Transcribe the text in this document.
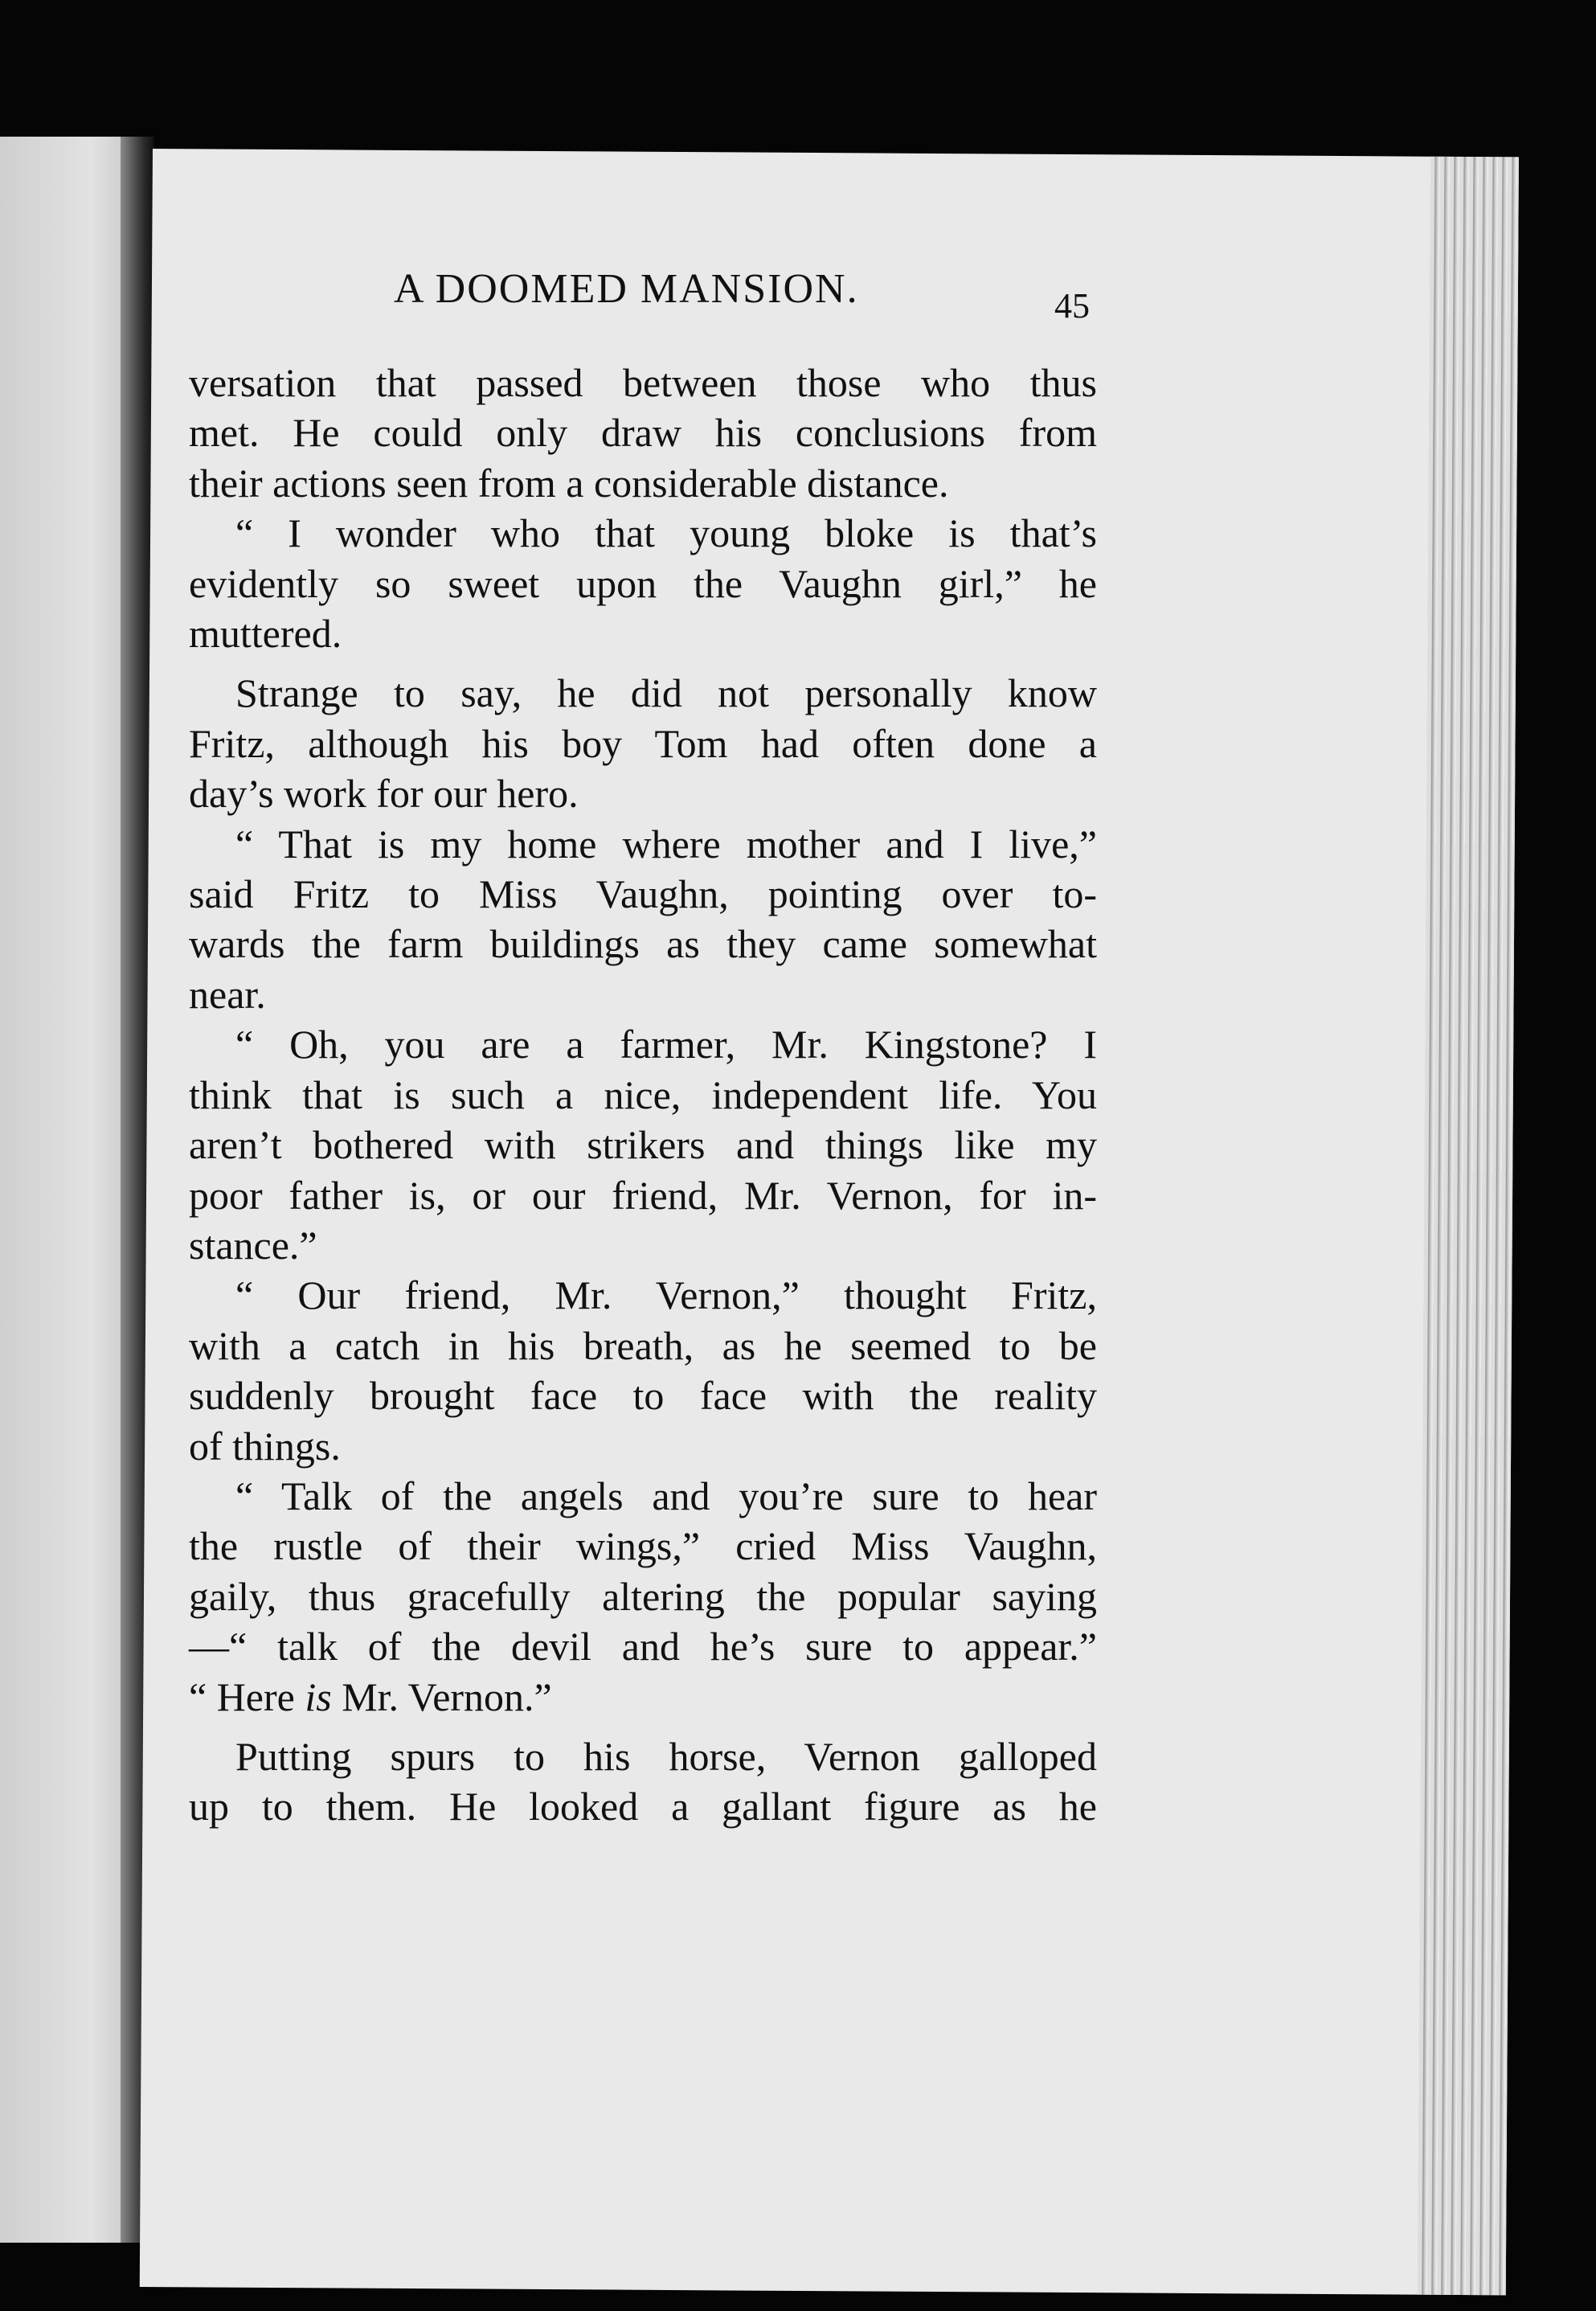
A DOOMED MANSION.	45
versation that passed between those who thus
met. He could only draw his conclusions from
their actions seen from a considerable distance.
“ I wonder who that young bloke is that’s
evidently so sweet upon the Vaughn girl,” he
muttered.
Strange to say, he did not personally know
Fritz, although his boy Tom had often done a
day’s work for our hero.
“ That is my home where mother and I live,”
said Fritz to Miss Vaughn, pointing over to-
wards the farm buildings as they came somewhat
near.
“ Oh, you are a farmer, Mr. Kingstone? I
think that is such a nice, independent life. You
aren’t bothered with strikers and things like my
poor father is, or our friend, Mr. Vernon, for in-
stance.”
“ Our friend, Mr. Vernon,” thought Fritz,
with a catch in his breath, as he seemed to be
suddenly brought face to face with the reality
of things.
“ Talk of the angels and you’re sure to hear
the rustle of their wings,” cried Miss Vaughn,
gaily, thus gracefully altering the popular saying
—“ talk of the devil and he’s sure to appear.”
“ Here is Mr. Vernon.”
Putting spurs to his horse, Vernon galloped
up to them. He looked a gallant figure as he
